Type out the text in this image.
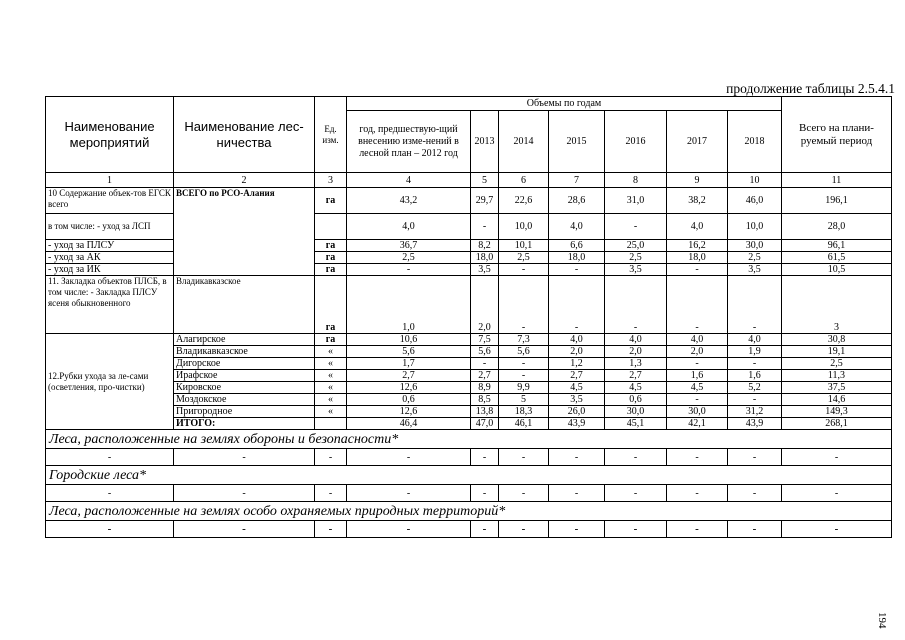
продолжение таблицы 2.5.4.1
Наименование мероприятий	Наименование лес-ничества	Ед. изм.	Объемы по годам							Всего на плани-руемый период
			год, предшествую-щий внесению изме-нений в лесной план – 2012 год	2013	2014	2015	2016	2017	2018	
1	2	3	4	5	6	7	8	9	10	11
10 Содержание объек-тов ЕГСК всего	ВСЕГО по РСО-Алания	га	43,2	29,7	22,6	28,6	31,0	38,2	46,0	196,1
в том числе: - уход за ЛСП			4,0	-	10,0	4,0	-	4,0	10,0	28,0
- уход за ПЛСУ		га	36,7	8,2	10,1	6,6	25,0	16,2	30,0	96,1
- уход за АК		га	2,5	18,0	2,5	18,0	2,5	18,0	2,5	61,5
- уход за ИК		га	-	3,5	-	-	3,5	-	3,5	10,5
11. Закладка объектов ПЛСБ, в том числе: - Закладка ПЛСУ ясеня обыкновенного	Владикавказское	га	1,0	2,0	-	-	-	-	-	3
12.Рубки ухода за ле-сами (осветления, про-чистки)	Алагирское	га	10,6	7,5	7,3	4,0	4,0	4,0	4,0	30,8
	Владикавказское	«	5,6	5,6	5,6	2,0	2,0	2,0	1,9	19,1
	Дигорское	«	1,7	-	-	1,2	1,3	-	-	2,5
	Ирафское	«	2,7	2,7	-	2,7	2,7	1,6	1,6	11,3
	Кировское	«	12,6	8,9	9,9	4,5	4,5	4,5	5,2	37,5
	Моздокское	«	0,6	8,5	5	3,5	0,6	-	-	14,6
	Пригородное	«	12,6	13,8	18,3	26,0	30,0	30,0	31,2	149,3
	ИТОГО:		46,4	47,0	46,1	43,9	45,1	42,1	43,9	268,1
Леса, расположенные на землях обороны и безопасности*										
-	-	-	-	-	-	-	-	-	-	-
Городские леса*										
-	-	-	-	-	-	-	-	-	-	-
Леса, расположенные на землях особо охраняемых природных территорий*										
-	-	-	-	-	-	-	-	-	-	-
194
